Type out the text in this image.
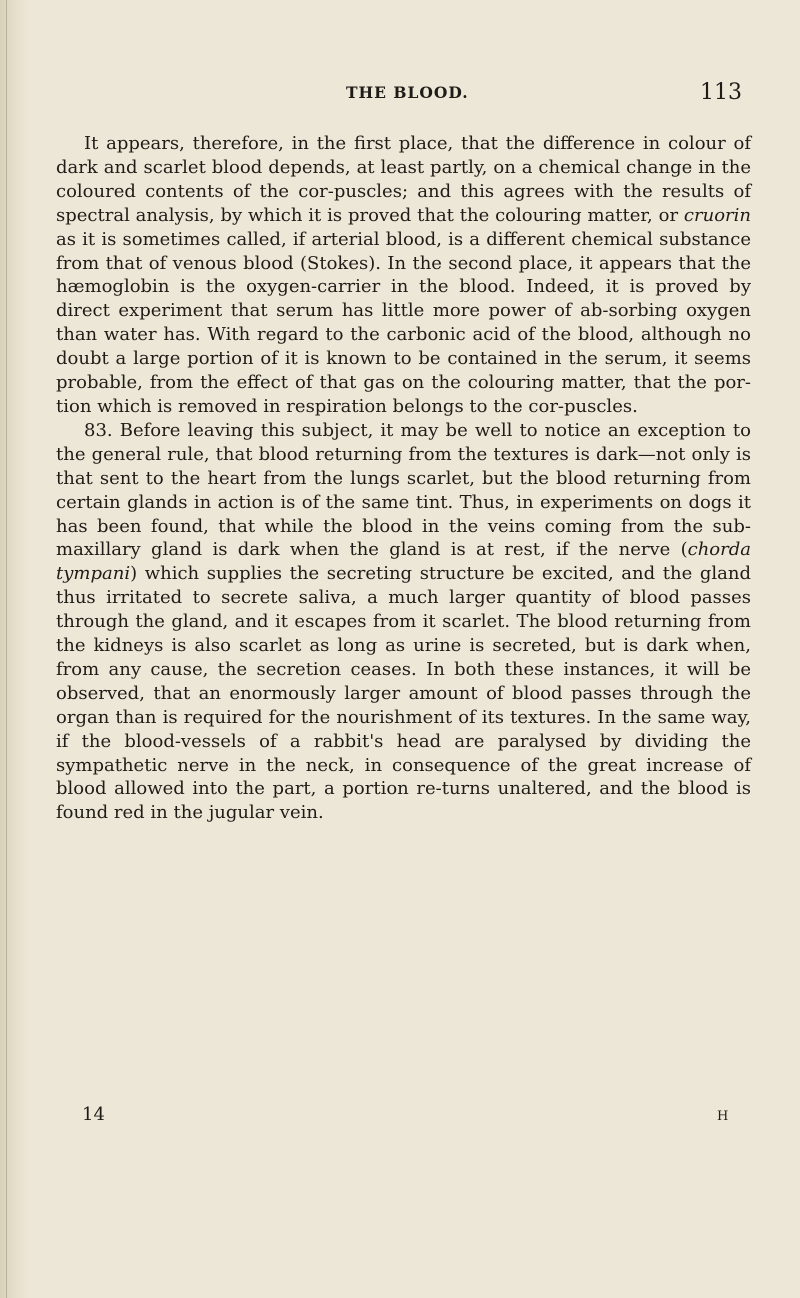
THE BLOOD.	113

It appears, therefore, in the first place, that the difference in colour of dark and scarlet blood depends, at least partly, on a chemical change in the coloured contents of the cor-puscles; and this agrees with the results of spectral analysis, by which it is proved that the colouring matter, or cruorin as it is sometimes called, if arterial blood, is a different chemical substance from that of venous blood (Stokes). In the second place, it appears that the hæmoglobin is the oxygen-carrier in the blood. Indeed, it is proved by direct experiment that serum has little more power of ab-sorbing oxygen than water has. With regard to the carbonic acid of the blood, although no doubt a large portion of it is known to be contained in the serum, it seems probable, from the effect of that gas on the colouring matter, that the por-tion which is removed in respiration belongs to the cor-puscles.

83. Before leaving this subject, it may be well to notice an exception to the general rule, that blood returning from the textures is dark—not only is that sent to the heart from the lungs scarlet, but the blood returning from certain glands in action is of the same tint. Thus, in experiments on dogs it has been found, that while the blood in the veins coming from the sub-maxillary gland is dark when the gland is at rest, if the nerve (chorda tympani) which supplies the secreting structure be excited, and the gland thus irritated to secrete saliva, a much larger quantity of blood passes through the gland, and it escapes from it scarlet. The blood returning from the kidneys is also scarlet as long as urine is secreted, but is dark when, from any cause, the secretion ceases. In both these instances, it will be observed, that an enormously larger amount of blood passes through the organ than is required for the nourishment of its textures. In the same way, if the blood-vessels of a rabbit's head are paralysed by dividing the sympathetic nerve in the neck, in consequence of the great increase of blood allowed into the part, a portion re-turns unaltered, and the blood is found red in the jugular vein.

14	H
